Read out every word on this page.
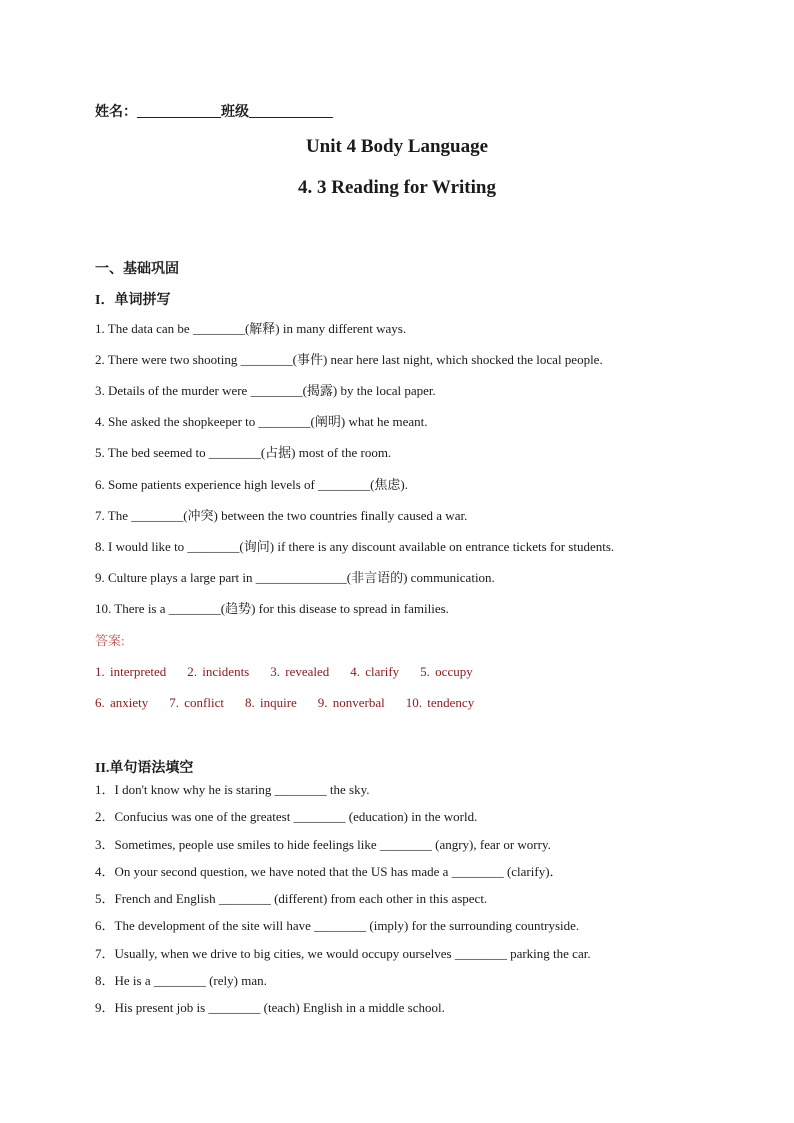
姓名：____________班级____________
Unit 4 Body Language
4. 3 Reading for Writing
一、基础巩固
I．单词拼写
1. The data can be ________(解释) in many different ways.
2. There were two shooting ________(事件) near here last night, which shocked the local people.
3. Details of the murder were ________(揭露) by the local paper.
4. She asked the shopkeeper to ________(阐明) what he meant.
5. The bed seemed to ________(占据) most of the room.
6. Some patients experience high levels of ________(焦虑).
7. The ________(冲突) between the two countries finally caused a war.
8. I would like to ________(询问) if there is any discount available on entrance tickets for students.
9. Culture plays a large part in ______________(非言语的) communication.
10. There is a ________(趋势) for this disease to spread in families.
答案:
1. interpreted    2. incidents    3. revealed    4. clarify    5. occupy
6. anxiety    7. conflict    8. inquire    9. nonverbal    10. tendency
II.单句语法填空
1．I don't know why he is staring ________ the sky.
2．Confucius was one of the greatest ________ (education) in the world.
3．Sometimes, people use smiles to hide feelings like ________ (angry), fear or worry.
4．On your second question, we have noted that the US has made a ________ (clarify)．
5．French and English ________ (different) from each other in this aspect.
6．The development of the site will have ________ (imply) for the surrounding countryside.
7．Usually, when we drive to big cities, we would occupy ourselves ________ parking the car.
8．He is a ________ (rely) man.
9．His present job is ________ (teach) English in a middle school.
